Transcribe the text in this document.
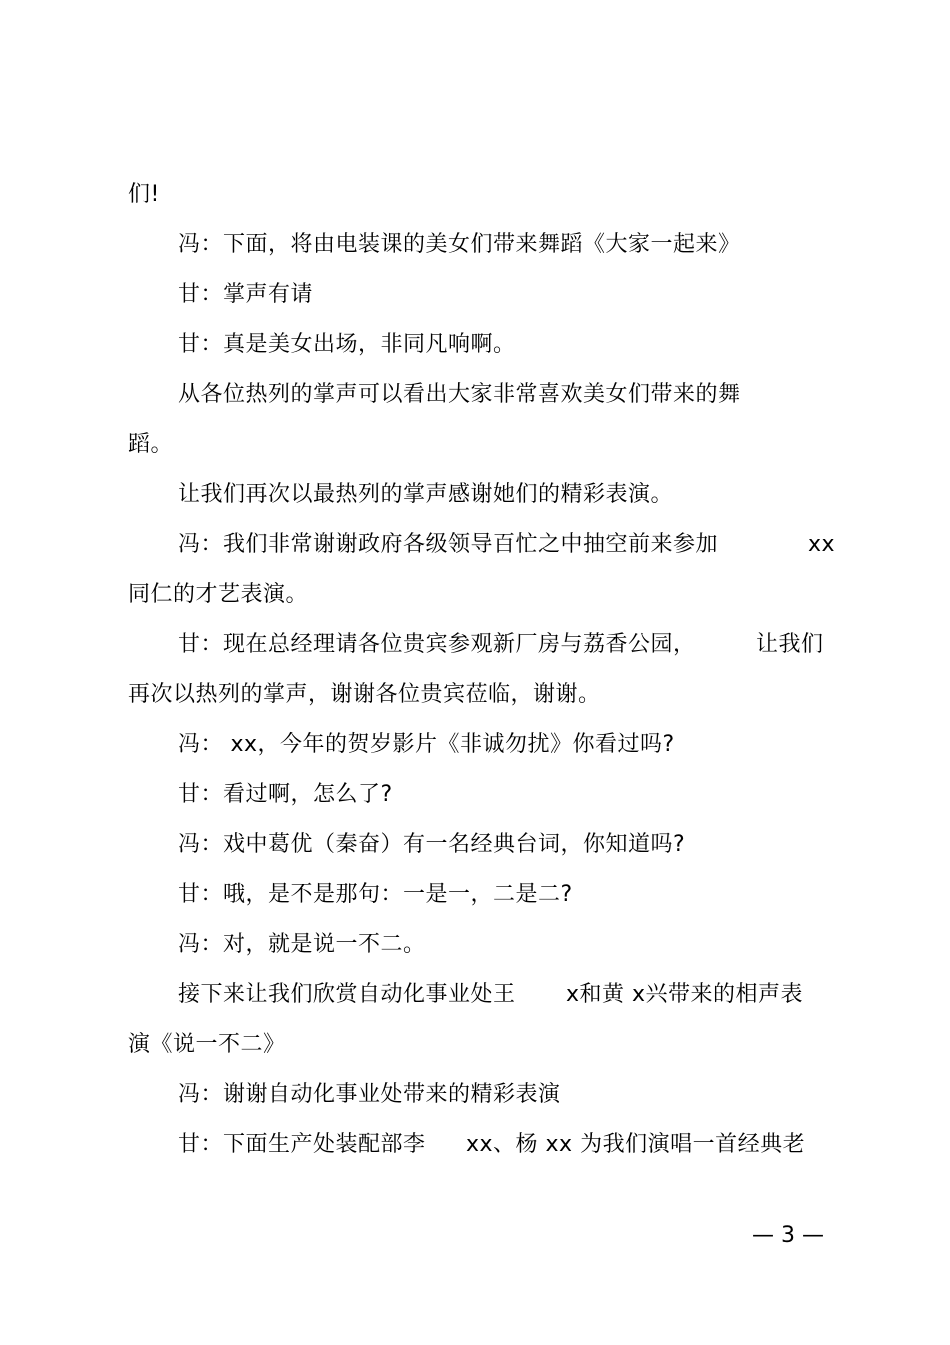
们!
冯：下面，将由电装课的美女们带来舞蹈《大家一起来》
甘：掌声有请
甘：真是美女出场，非同凡响啊。
从各位热列的掌声可以看出大家非常喜欢美女们带来的舞
蹈。
让我们再次以最热列的掌声感谢她们的精彩表演。
冯：我们非常谢谢政府各级领导百忙之中抽空前来参加	xx
同仁的才艺表演。
甘：现在总经理请各位贵宾参观新厂房与荔香公园，	让我们
再次以热列的掌声，谢谢各位贵宾莅临，谢谢。
冯： xx，今年的贺岁影片《非诚勿扰》你看过吗?
甘：看过啊，怎么了?
冯：戏中葛优（秦奋）有一名经典台词，你知道吗?
甘：哦，是不是那句：一是一，二是二?
冯：对，就是说一不二。
接下来让我们欣赏自动化事业处王 x和黄 x兴带来的相声表
演《说一不二》
冯：谢谢自动化事业处带来的精彩表演
甘：下面生产处装配部李 xx、杨 xx 为我们演唱一首经典老
— 3 —
